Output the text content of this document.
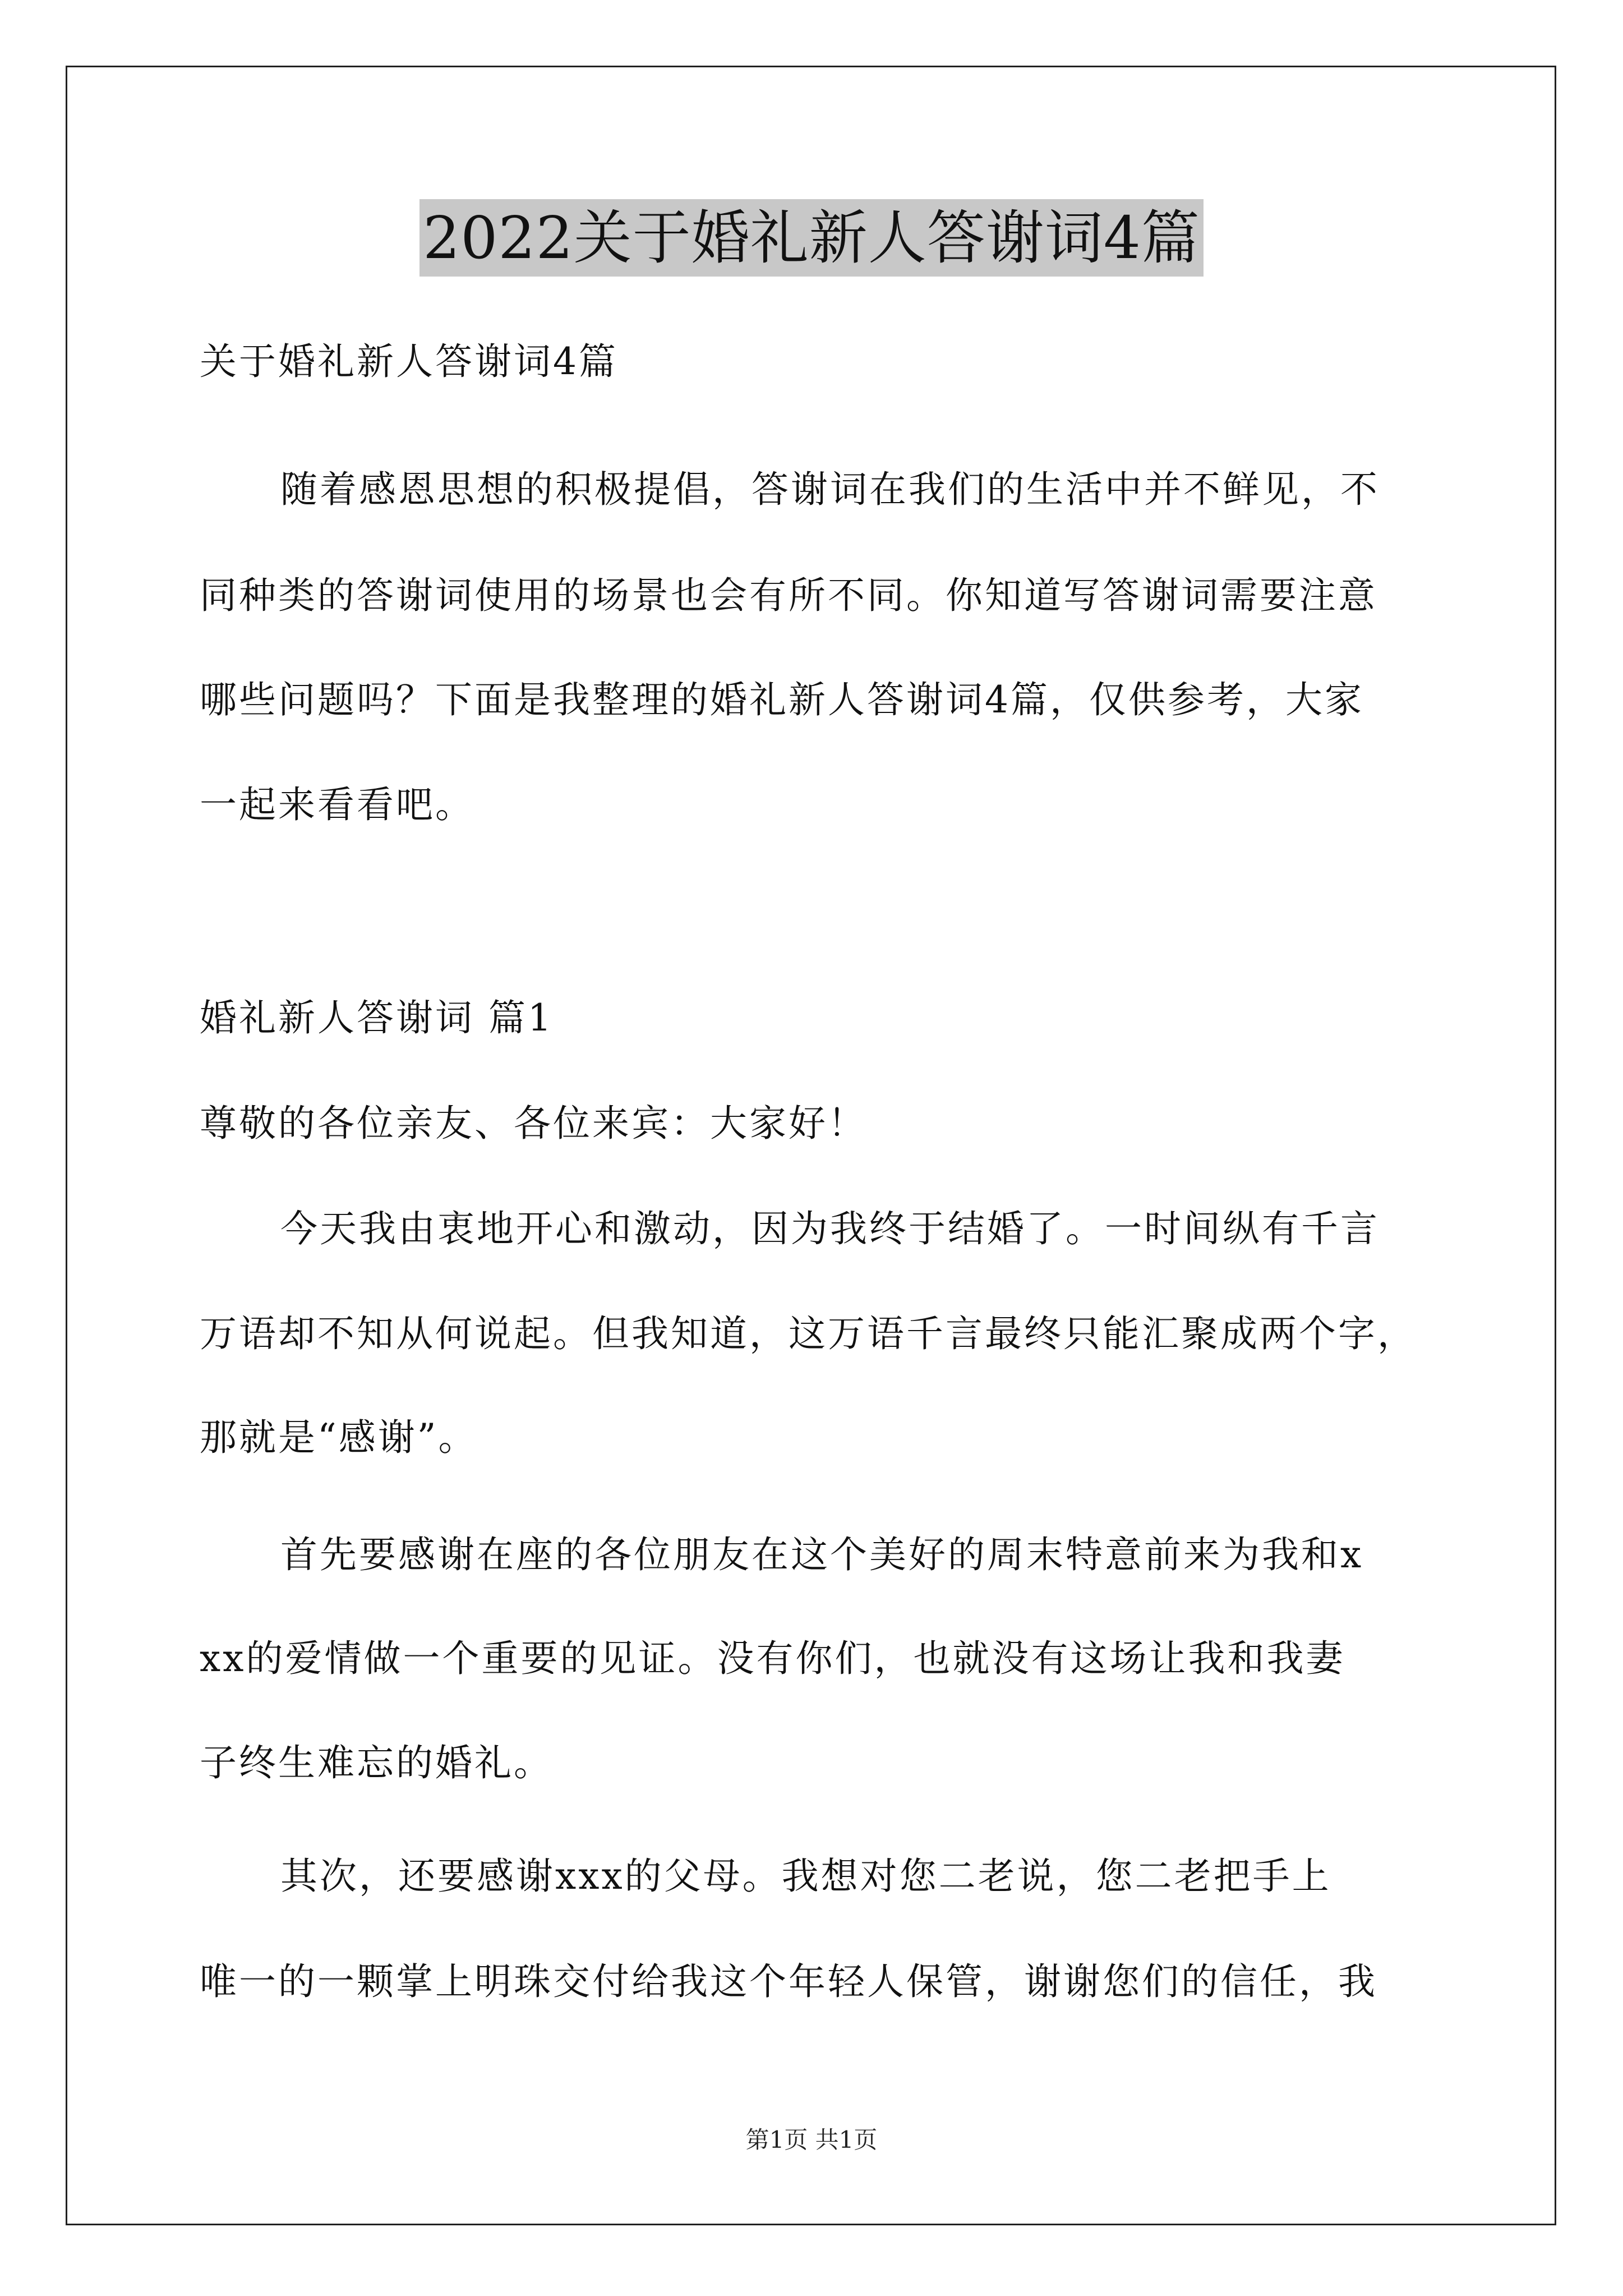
2022关于婚礼新人答谢词4篇
关于婚礼新人答谢词4篇
随着感恩思想的积极提倡，答谢词在我们的生活中并不鲜见，不
同种类的答谢词使用的场景也会有所不同。你知道写答谢词需要注意
哪些问题吗？下面是我整理的婚礼新人答谢词4篇，仅供参考，大家
一起来看看吧。
婚礼新人答谢词 篇1
尊敬的各位亲友、各位来宾：大家好！
今天我由衷地开心和激动，因为我终于结婚了。一时间纵有千言
万语却不知从何说起。但我知道，这万语千言最终只能汇聚成两个字，
那就是“感谢”。
首先要感谢在座的各位朋友在这个美好的周末特意前来为我和x
xx的爱情做一个重要的见证。没有你们，也就没有这场让我和我妻
子终生难忘的婚礼。
其次，还要感谢xxx的父母。我想对您二老说，您二老把手上
唯一的一颗掌上明珠交付给我这个年轻人保管，谢谢您们的信任，我
第1页 共1页
